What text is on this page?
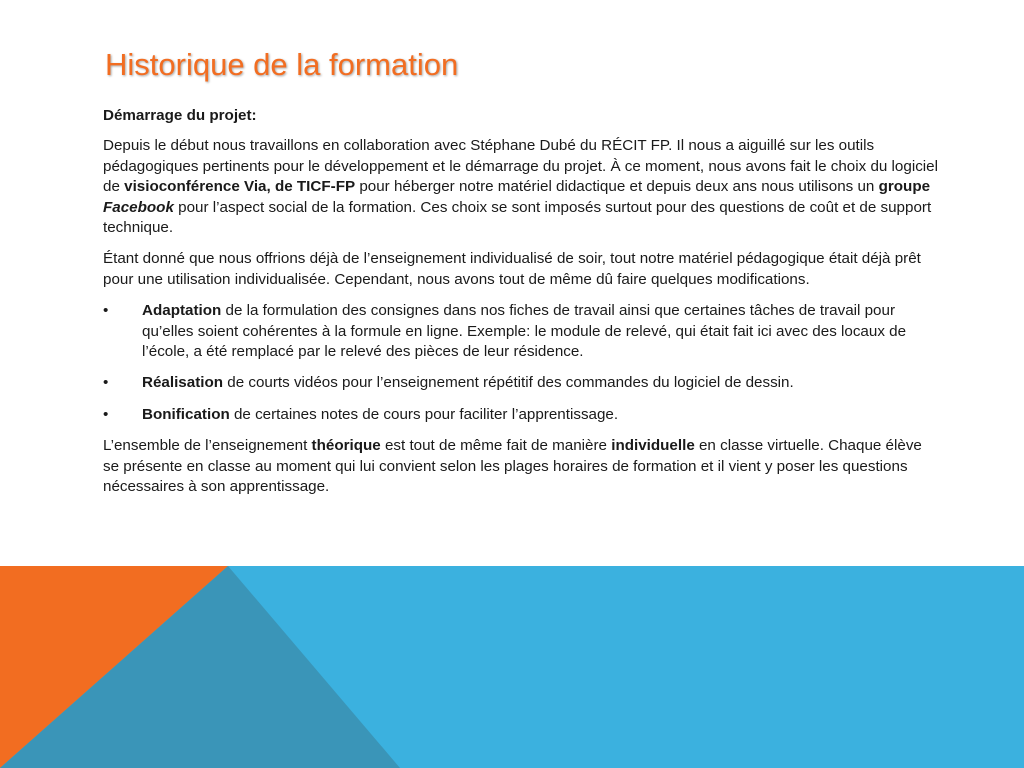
Historique de la formation

Démarrage du projet:

Depuis le début nous travaillons en collaboration avec Stéphane Dubé du RÉCIT FP. Il nous a aiguillé sur les outils pédagogiques pertinents pour le développement et le démarrage du projet. À ce moment, nous avons fait le choix du logiciel de visioconférence Via, de TICF-FP pour héberger notre matériel didactique et depuis deux ans nous utilisons un groupe Facebook pour l’aspect social de la formation. Ces choix se sont imposés surtout pour des questions de coût et de support technique.

Étant donné que nous offrions déjà de l’enseignement individualisé de soir, tout notre matériel pédagogique était déjà prêt pour une utilisation individualisée. Cependant, nous avons tout de même dû faire quelques modifications.

• Adaptation de la formulation des consignes dans nos fiches de travail ainsi que certaines tâches de travail pour qu’elles soient cohérentes à la formule en ligne. Exemple: le module de relevé, qui était fait ici avec des locaux de l’école, a été remplacé par le relevé des pièces de leur résidence.
• Réalisation de courts vidéos pour l’enseignement répétitif des commandes du logiciel de dessin.
• Bonification de certaines notes de cours pour faciliter l’apprentissage.

L’ensemble de l’enseignement théorique est tout de même fait de manière individuelle en classe virtuelle. Chaque élève se présente en classe au moment qui lui convient selon les plages horaires de formation et il vient y poser les questions nécessaires à son apprentissage.
